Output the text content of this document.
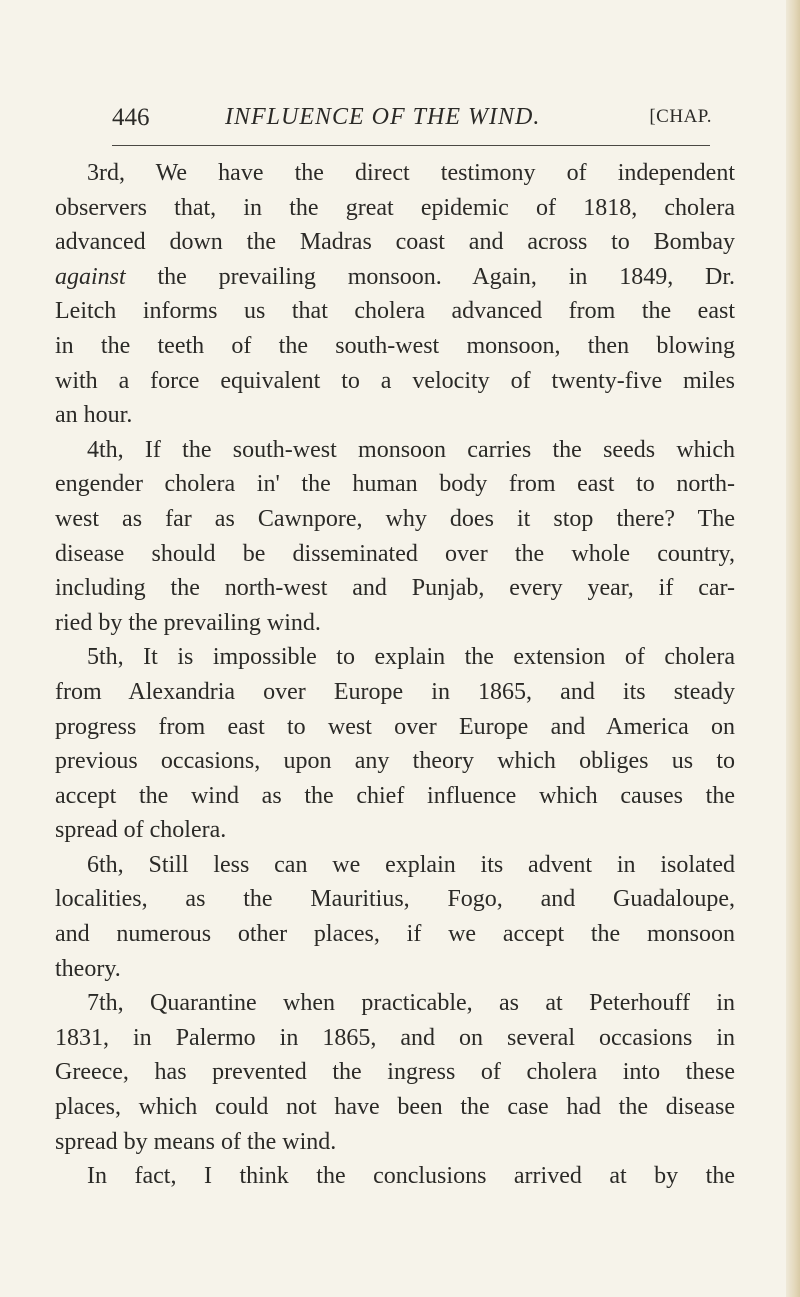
446	INFLUENCE OF THE WIND.	[CHAP.
3rd, We have the direct testimony of independent
observers that, in the great epidemic of 1818, cholera
advanced down the Madras coast and across to Bombay
against the prevailing monsoon. Again, in 1849, Dr.
Leitch informs us that cholera advanced from the east
in the teeth of the south-west monsoon, then blowing
with a force equivalent to a velocity of twenty-five miles
an hour.
4th, If the south-west monsoon carries the seeds which
engender cholera in' the human body from east to north-
west as far as Cawnpore, why does it stop there? The
disease should be disseminated over the whole country,
including the north-west and Punjab, every year, if car-
ried by the prevailing wind.
5th, It is impossible to explain the extension of cholera
from Alexandria over Europe in 1865, and its steady
progress from east to west over Europe and America on
previous occasions, upon any theory which obliges us to
accept the wind as the chief influence which causes the
spread of cholera.
6th, Still less can we explain its advent in isolated
localities, as the Mauritius, Fogo, and Guadaloupe,
and numerous other places, if we accept the monsoon
theory.
7th, Quarantine when practicable, as at Peterhouff in
1831, in Palermo in 1865, and on several occasions in
Greece, has prevented the ingress of cholera into these
places, which could not have been the case had the disease
spread by means of the wind.
In fact, I think the conclusions arrived at by the
